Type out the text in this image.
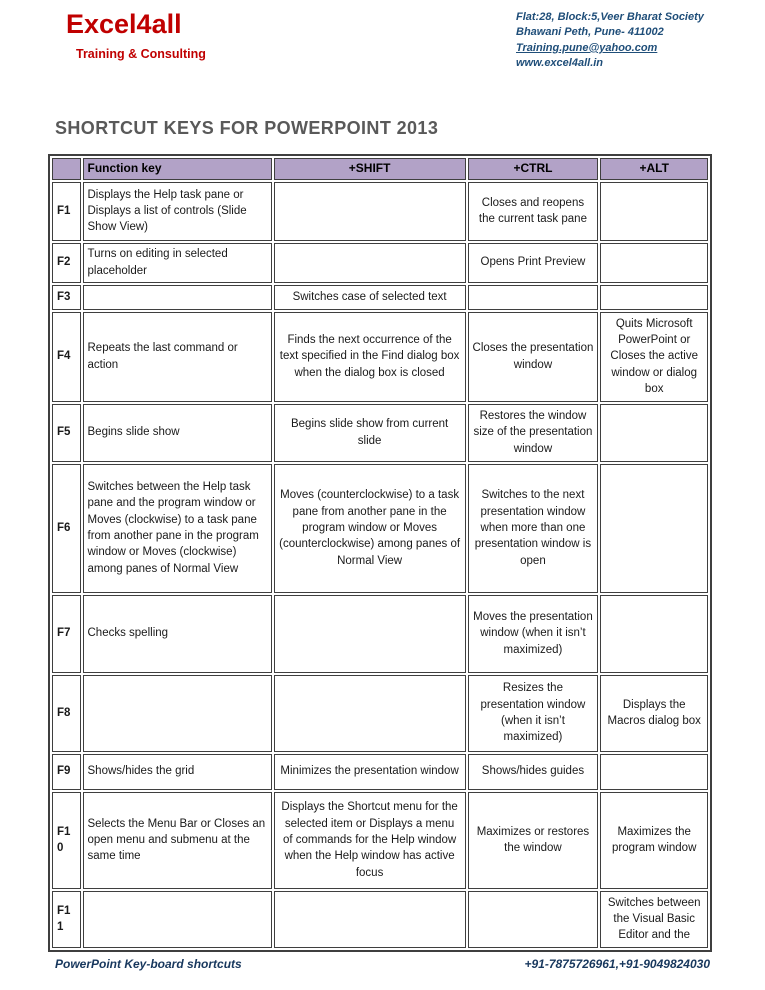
Excel4all
Training & Consulting
Flat:28, Block:5,Veer Bharat Society
Bhawani Peth, Pune- 411002
Training.pune@yahoo.com
www.excel4all.in
SHORTCUT KEYS FOR POWERPOINT 2013
	Function key	+SHIFT	+CTRL	+ALT
F1	Displays the Help task pane or Displays a list of controls (Slide Show View)		Closes and reopens the current task pane	
F2	Turns on editing in selected placeholder		Opens Print Preview	
F3		Switches case of selected text		
F4	Repeats the last command or action	Finds the next occurrence of the text specified in the Find dialog box when the dialog box is closed	Closes the presentation window	Quits Microsoft PowerPoint or Closes the active window or dialog box
F5	Begins slide show	Begins slide show from current slide	Restores the window size of the presentation window	
F6	Switches between the Help task pane and the program window or Moves (clockwise) to a task pane from another pane in the program window or Moves (clockwise) among panes of Normal View	Moves (counterclockwise) to a task pane from another pane in the program window or Moves (counterclockwise) among panes of Normal View	Switches to the next presentation window when more than one presentation window is open	
F7	Checks spelling		Moves the presentation window (when it isn’t maximized)	
F8			Resizes the presentation window (when it isn’t maximized)	Displays the Macros dialog box
F9	Shows/hides the grid	Minimizes the presentation window	Shows/hides guides	
F10	Selects the Menu Bar or Closes an open menu and submenu at the same time	Displays the Shortcut menu for the selected item or Displays a menu of commands for the Help window when the Help window has active focus	Maximizes or restores the window	Maximizes the program window
F11				Switches between the Visual Basic Editor and the
PowerPoint Key-board shortcuts	+91-7875726961,+91-9049824030
